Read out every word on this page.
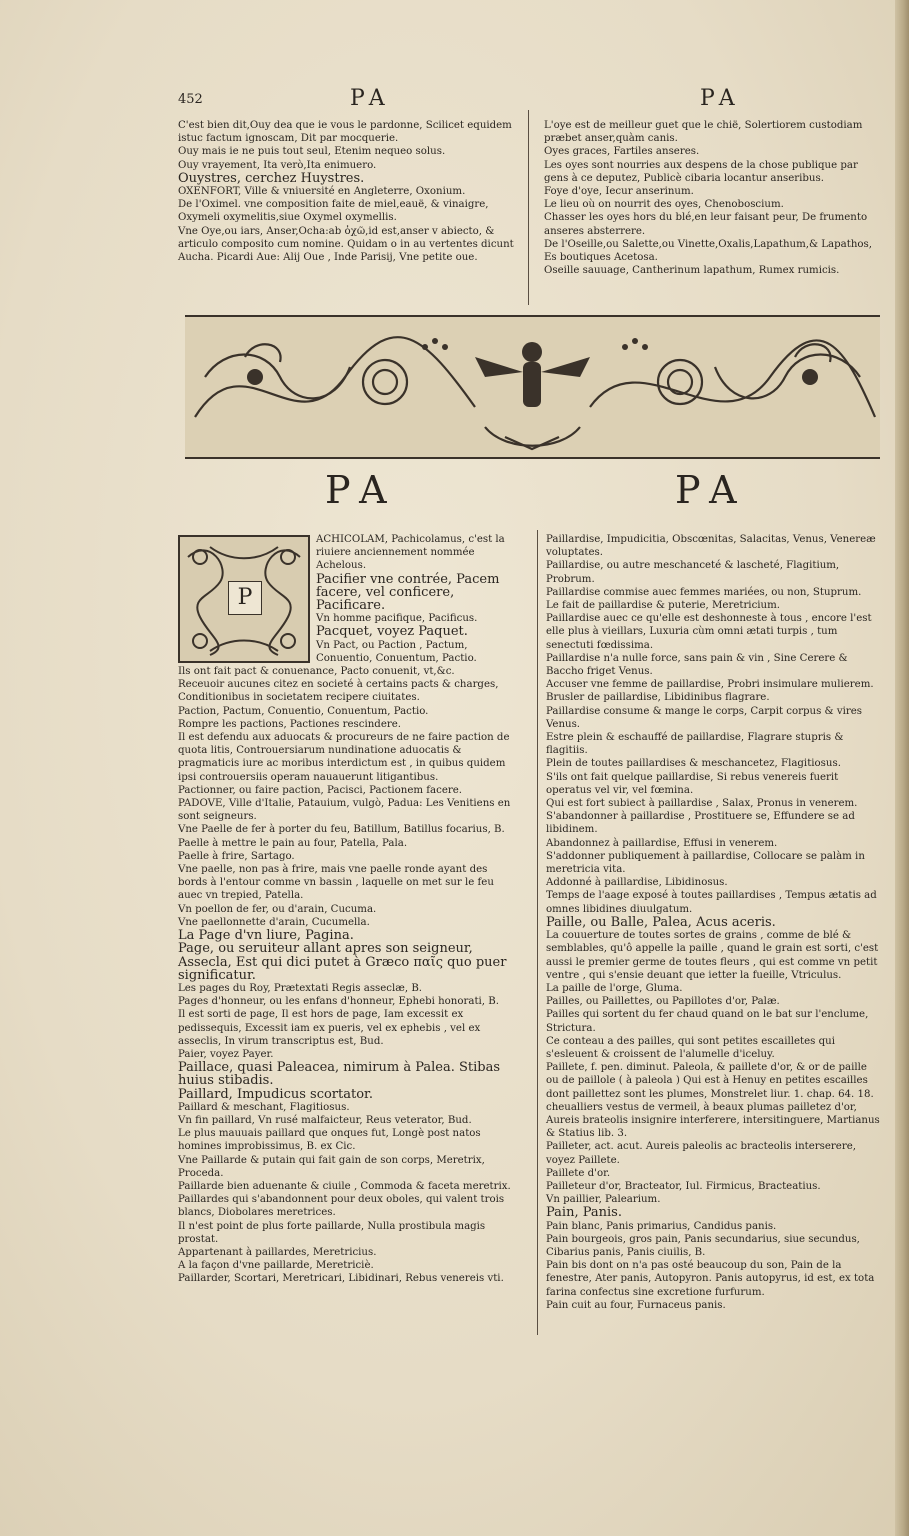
452	PA	PA

C'est bien dit,Ouy dea que ie vous le pardonne, Scilicet equidem istuc factum ignoscam, Dit par mocquerie.

Ouy mais ie ne puis tout seul, Etenim nequeo solus.

Ouy vrayement, Ita verò,Ita enimuero.

Ouystres, cerchez Huystres.

OXENFORT, Ville & vniuersité en Angleterre, Oxonium.

De l'Oximel. vne composition faite de miel,eauë, & vinaigre, Oxymeli oxymelitis,siue Oxymel oxymellis.

Vne Oye,ou iars, Anser,Ocha:ab ὀχῶ,id est,anser v abiecto, & articulo composito cum nomine. Quidam o in au vertentes dicunt Aucha. Picardi Aue: Alij Oue , Inde Parisij, Vne petite oue.

L'oye est de meilleur guet que le chië, Solertiorem custodiam præbet anser,quàm canis.

Oyes graces, Fartiles anseres.

Les oyes sont nourries aux despens de la chose publique par gens à ce deputez, Publicè cibaria locantur anseribus.

Foye d'oye, Iecur anserinum.

Le lieu où on nourrit des oyes, Chenoboscium.

Chasser les oyes hors du blé,en leur faisant peur, De frumento anseres absterrere.

De l'Oseille,ou Salette,ou Vinette,Oxalis,Lapathum,& Lapathos, Es boutiques Acetosa.

Oseille sauuage, Cantherinum lapathum, Rumex rumicis.

PA	PA
P

ACHICOLAM, Pachicolamus, c'est la riuiere anciennement nommée Achelous.

Pacifier vne contrée, Pacem facere, vel conficere, Pacificare.

Vn homme pacifique, Pacificus.

Pacquet, voyez Paquet.

Vn Pact, ou Paction , Pactum, Conuentio, Conuentum, Pactio.

Ils ont fait pact & conuenance, Pacto conuenit, vt,&c.

Receuoir aucunes citez en societé à certains pacts & charges, Conditionibus in societatem recipere ciuitates.

Paction, Pactum, Conuentio, Conuentum, Pactio.

Rompre les pactions, Pactiones rescindere.

Il est defendu aux aduocats & procureurs de ne faire paction de quota litis, Controuersiarum nundinatione aduocatis & pragmaticis iure ac moribus interdictum est , in quibus quidem ipsi controuersiis operam nauauerunt litigantibus.

Pactionner, ou faire paction, Pacisci, Pactionem facere.

PADOVE, Ville d'Italie, Patauium, vulgò, Padua: Les Venitiens en sont seigneurs.

Vne Paelle de fer à porter du feu, Batillum, Batillus focarius, B.

Paelle à mettre le pain au four, Patella, Pala.

Paelle à frire, Sartago.

Vne paelle, non pas à frire, mais vne paelle ronde ayant des bords à l'entour comme vn bassin , laquelle on met sur le feu auec vn trepied, Patella.

Vn poellon de fer, ou d'arain, Cucuma.

Vne paellonnette d'arain, Cucumella.

La Page d'vn liure, Pagina.

Page, ou seruiteur allant apres son seigneur, Assecla, Est qui dici putet à Græco παῖς quo puer significatur.

Les pages du Roy, Prætextati Regis asseclæ, B.

Pages d'honneur, ou les enfans d'honneur, Ephebi honorati, B.

Il est sorti de page, Il est hors de page, Iam excessit ex pedissequis, Excessit iam ex pueris, vel ex ephebis , vel ex asseclis, In virum transcriptus est, Bud.

Paier, voyez Payer.

Paillace, quasi Paleacea, nimirum à Palea. Stibas huius stibadis.

Paillard, Impudicus scortator.

Paillard & meschant, Flagitiosus.

Vn fin paillard, Vn rusé malfaicteur, Reus veterator, Bud.

Le plus mauuais paillard que onques fut, Longè post natos homines improbissimus, B. ex Cic.

Vne Paillarde & putain qui fait gain de son corps, Meretrix, Proceda.

Paillarde bien aduenante & ciuile , Commoda & faceta meretrix.

Paillardes qui s'abandonnent pour deux oboles, qui valent trois blancs, Diobolares meretrices.

Il n'est point de plus forte paillarde, Nulla prostibula magis prostat.

Appartenant à paillardes, Meretricius.

A la façon d'vne paillarde, Meretriciè.

Paillarder, Scortari, Meretricari, Libidinari, Rebus venereis vti.

Paillardise, Impudicitia, Obscœnitas, Salacitas, Venus, Venereæ voluptates.

Paillardise, ou autre meschanceté & lascheté, Flagitium, Probrum.

Paillardise commise auec femmes mariées, ou non, Stuprum.

Le fait de paillardise & puterie, Meretricium.

Paillardise auec ce qu'elle est deshonneste à tous , encore l'est elle plus à vieillars, Luxuria cùm omni ætati turpis , tum senectuti fœdissima.

Paillardise n'a nulle force, sans pain & vin , Sine Cerere & Baccho friget Venus.

Accuser vne femme de paillardise, Probri insimulare mulierem.

Brusler de paillardise, Libidinibus flagrare.

Paillardise consume & mange le corps, Carpit corpus & vires Venus.

Estre plein & eschauffé de paillardise, Flagrare stupris & flagitiis.

Plein de toutes paillardises & meschancetez, Flagitiosus.

S'ils ont fait quelque paillardise, Si rebus venereis fuerit operatus vel vir, vel fœmina.

Qui est fort subiect à paillardise , Salax, Pronus in venerem.

S'abandonner à paillardise , Prostituere se, Effundere se ad libidinem.

Abandonnez à paillardise, Effusi in venerem.

S'addonner publiquement à paillardise, Collocare se palàm in meretricia vita.

Addonné à paillardise, Libidinosus.

Temps de l'aage exposé à toutes paillardises , Tempus ætatis ad omnes libidines diuulgatum.

Paille, ou Balle, Palea, Acus aceris.

La couuerture de toutes sortes de grains , comme de blé & semblables, qu'ô appelle la paille , quand le grain est sorti, c'est aussi le premier germe de toutes fleurs , qui est comme vn petit ventre , qui s'ensie deuant que ietter la fueille, Vtriculus.

La paille de l'orge, Gluma.

Pailles, ou Paillettes, ou Papillotes d'or, Palæ.

Pailles qui sortent du fer chaud quand on le bat sur l'enclume, Strictura.

Ce conteau a des pailles, qui sont petites escailletes qui s'esleuent & croissent de l'alumelle d'iceluy.

Paillete, f. pen. diminut. Paleola, & paillete d'or, & or de paille ou de paillole ( à paleola ) Qui est à Henuy en petites escailles dont paillettez sont les plumes, Monstrelet liur. 1. chap. 64. 18. cheualliers vestus de vermeil, à beaux plumas pailletez d'or, Aureis brateolis insignire interferere, intersitinguere, Martianus & Statius lib. 3.

Pailleter, act. acut. Aureis paleolis ac bracteolis interserere, voyez Paillete.

Paillete d'or.

Pailleteur d'or, Bracteator, Iul. Firmicus, Bracteatius.

Vn paillier, Palearium.

Pain, Panis.

Pain blanc, Panis primarius, Candidus panis.

Pain bourgeois, gros pain, Panis secundarius, siue secundus, Cibarius panis, Panis ciuilis, B.

Pain bis dont on n'a pas osté beaucoup du son, Pain de la fenestre, Ater panis, Autopyron. Panis autopyrus, id est, ex tota farina confectus sine excretione furfurum.

Pain cuit au four, Furnaceus panis.
